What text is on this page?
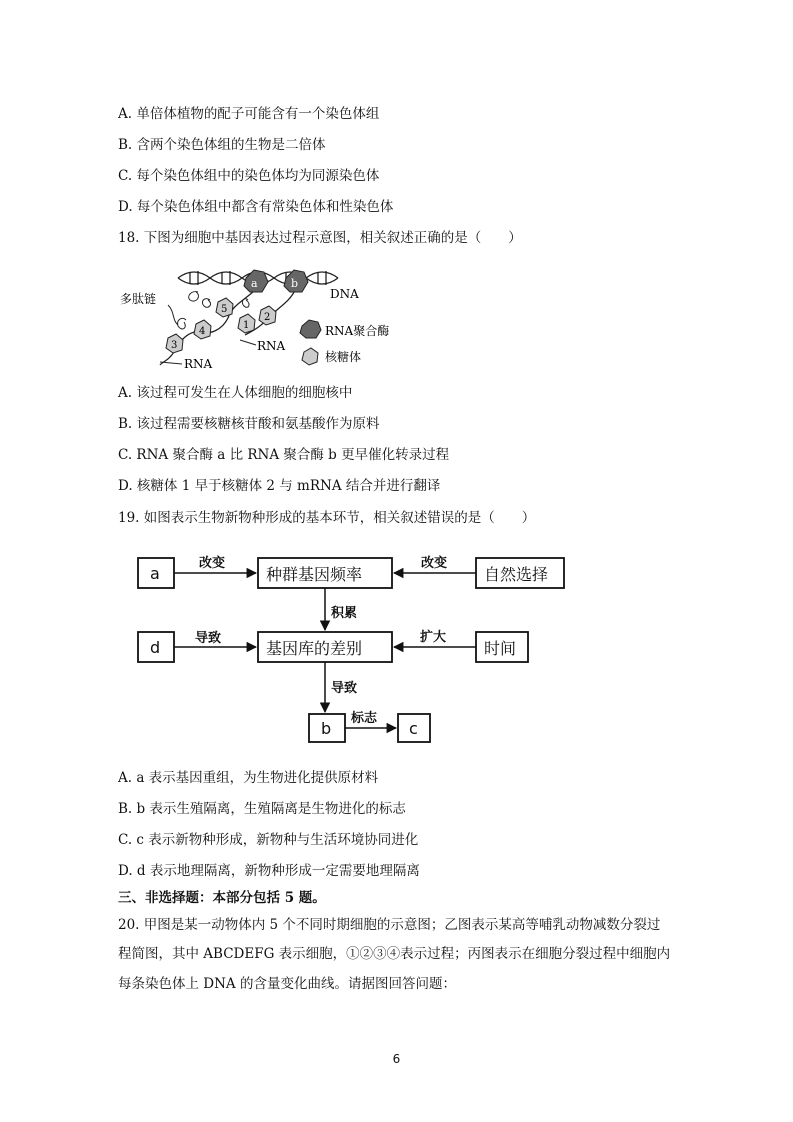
A. 单倍体植物的配子可能含有一个染色体组
B. 含两个染色体组的生物是二倍体
C. 每个染色体组中的染色体均为同源染色体
D. 每个染色体组中都含有常染色体和性染色体
18. 下图为细胞中基因表达过程示意图，相关叙述正确的是（　　）
DNA
a	b
5
4
3
2
1
多肽链
RNA
RNA
RNA聚合酶
核糖体
A. 该过程可发生在人体细胞的细胞核中
B. 该过程需要核糖核苷酸和氨基酸作为原料
C. RNA 聚合酶 a 比 RNA 聚合酶 b 更早催化转录过程
D. 核糖体 1 早于核糖体 2 与 mRNA 结合并进行翻译
19. 如图表示生物新物种形成的基本环节，相关叙述错误的是（　　）
a	种群基因频率	自然选择
d	基因库的差别	时间
b	c
改变	改变
积累
导致	扩大
导致
标志
A. a 表示基因重组，为生物进化提供原材料
B. b 表示生殖隔离，生殖隔离是生物进化的标志
C. c 表示新物种形成，新物种与生活环境协同进化
D. d 表示地理隔离，新物种形成一定需要地理隔离
三、非选择题：本部分包括 5 题。
20. 甲图是某一动物体内 5 个不同时期细胞的示意图；乙图表示某高等哺乳动物减数分裂过
程简图，其中 ABCDEFG 表示细胞，①②③④表示过程；丙图表示在细胞分裂过程中细胞内
每条染色体上 DNA 的含量变化曲线。请据图回答问题：
6
